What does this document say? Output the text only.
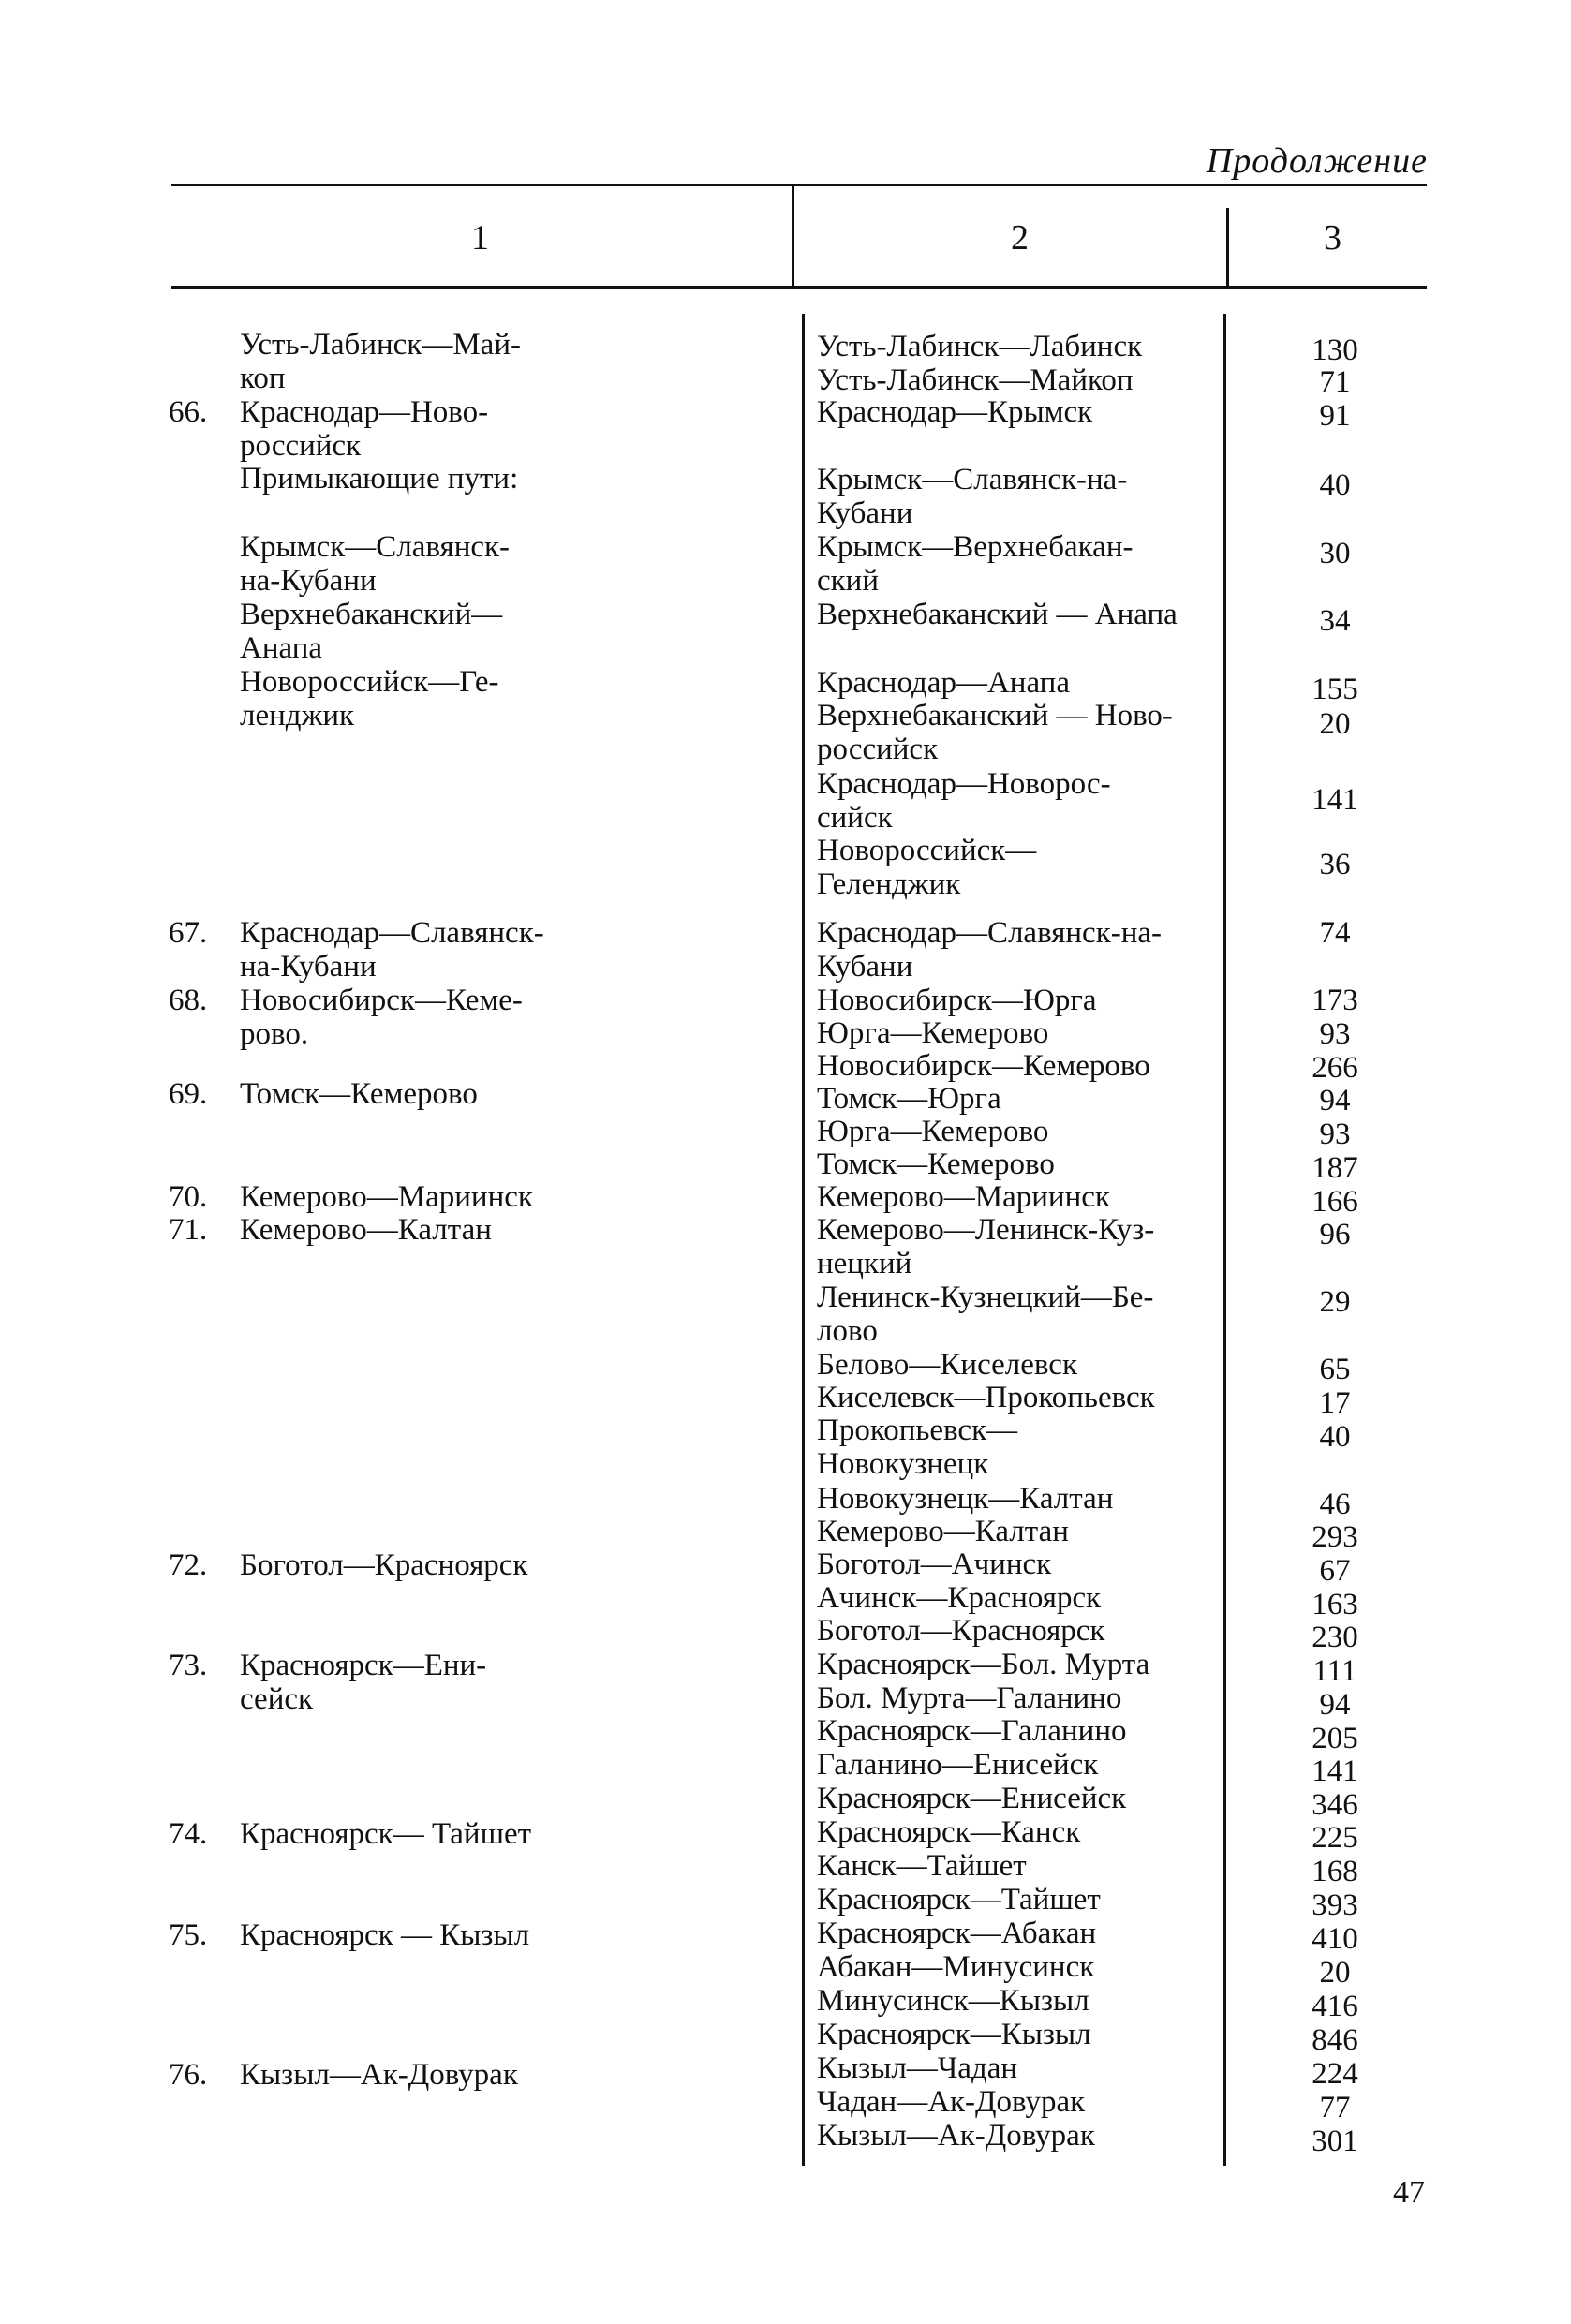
Продолжение
1	2	3
Усть-Лабинск—Май-
коп
66. Краснодар—Ново-
российск
Примыкающие пути:

Крымск—Славянск-
на-Кубани
Верхнебаканский—
Анапа
Новороссийск—Ге-
ленджик
67. Краснодар—Славянск-
на-Кубани
68. Новосибирск—Кеме-
рово.
69. Томск—Кемерово

70. Кемерово—Мариинск

71. Кемерово—Калтан

72. Боготол—Красноярск

73. Красноярск—Ени-
сейск
74. Красноярск— Тайшет

75. Красноярск — Кызыл

76. Кызыл—Ак-Довурак

Усть-Лабинск—Лабинск

Усть-Лабинск—Майкоп

Краснодар—Крымск

Крымск—Славянск-на-
Кубани
Крымск—Верхнебакан-
ский
Верхнебаканский — Анапа

Краснодар—Анапа

Верхнебаканский — Ново-
российск
Краснодар—Новорос-
сийск
Новороссийск—
Геленджик
Краснодар—Славянск-на-
Кубани
Новосибирск—Юрга

Юрга—Кемерово

Новосибирск—Кемерово

Томск—Юрга

Юрга—Кемерово

Томск—Кемерово

Кемерово—Мариинск

Кемерово—Ленинск-Куз-
нецкий
Ленинск-Кузнецкий—Бе-
лово
Белово—Киселевск

Киселевск—Прокопьевск

Прокопьевск—
Новокузнецк
Новокузнецк—Калтан

Кемерово—Калтан

Боготол—Ачинск

Ачинск—Красноярск

Боготол—Красноярск

Красноярск—Бол. Мурта

Бол. Мурта—Галанино

Красноярск—Галанино

Галанино—Енисейск

Красноярск—Енисейск

Красноярск—Канск

Канск—Тайшет

Красноярск—Тайшет

Красноярск—Абакан

Абакан—Минусинск

Минусинск—Кызыл

Красноярск—Кызыл

Кызыл—Чадан

Чадан—Ак-Довурак

Кызыл—Ак-Довурак

130
71
91
40
30
34
155
20
141
36
74
173
93
266
94
93
187
166
96
29
65
17
40
46
293
67
163
230
111
94
205
141
346
225
168
393
410
20
416
846
224
77
301
47
